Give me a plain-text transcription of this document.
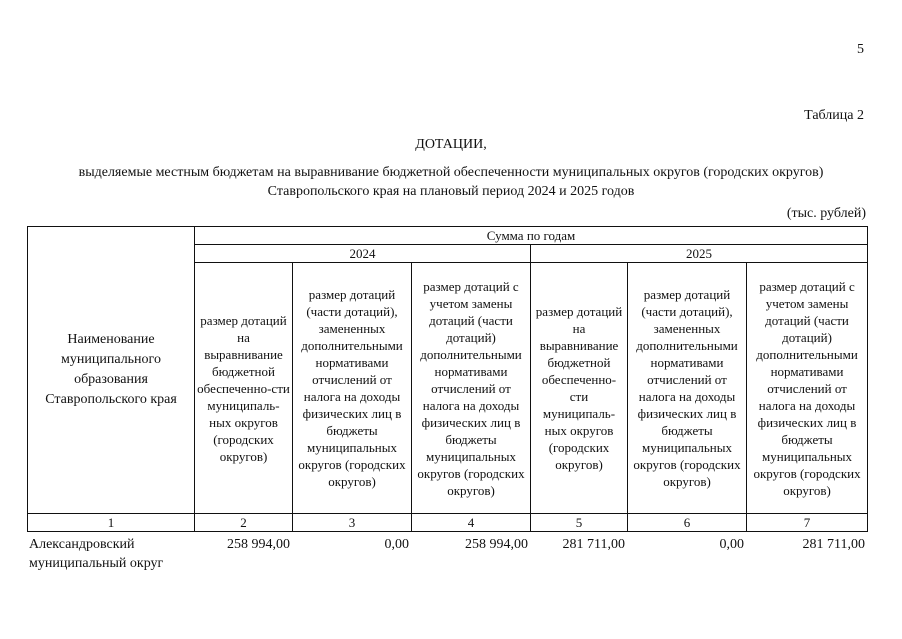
5
Таблица 2
ДОТАЦИИ,
выделяемые местным бюджетам на выравнивание бюджетной обеспеченности муниципальных округов (городских округов)
Ставропольского края на плановый период 2024 и 2025 годов
(тыс. рублей)
Наименование муниципального образования Ставропольского края	Сумма по годам					
	2024			2025		
	размер дотаций на выравнивание бюджетной обеспеченно-сти муниципаль-ных округов (городских округов)	размер дотаций (части дотаций), замененных дополнительными нормативами отчислений от налога на доходы физических лиц в бюджеты муниципальных округов (городских округов)	размер дотаций с учетом замены дотаций (части дотаций) дополнительными нормативами отчислений от налога на доходы физических лиц в бюджеты муниципальных округов (городских округов)	размер дотаций на выравнивание бюджетной обеспеченно-сти муниципаль-ных округов (городских округов)	размер дотаций (части дотаций), замененных дополнительными нормативами отчислений от налога на доходы физических лиц в бюджеты муниципальных округов (городских округов)	размер дотаций с учетом замены дотаций (части дотаций) дополнительными нормативами отчислений от налога на доходы физических лиц в бюджеты муниципальных округов (городских округов)
1	2	3	4	5	6	7
Александровский муниципальный округ	258 994,00	0,00	258 994,00	281 711,00	0,00	281 711,00
